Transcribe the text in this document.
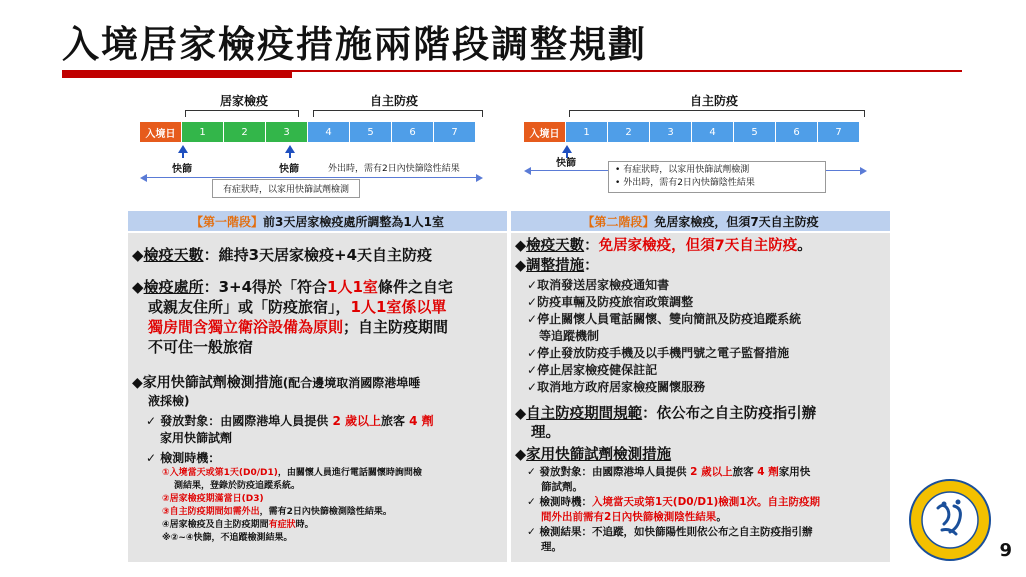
入境居家檢疫措施兩階段調整規劃
居家檢疫	自主防疫
入境日	1	2	3	4	5	6	7
快篩	快篩	外出時，需有2日內快篩陰性結果
有症狀時，以家用快篩試劑檢測
自主防疫
入境日	1	2	3	4	5	6	7
快篩
• 有症狀時，以家用快篩試劑檢測
• 外出時，需有2日內快篩陰性結果
【第一階段】 前3天居家檢疫處所調整為1人1室
◆檢疫天數：維持3天居家檢疫+4天自主防疫
◆檢疫處所：3+4得於「符合1人1室條件之自宅
或親友住所」或「防疫旅宿」，1人1室係以單
獨房間含獨立衛浴設備為原則；自主防疫期間
不可住一般旅宿
◆家用快篩試劑檢測措施(配合邊境取消國際港埠唾
液採檢)
✓ 發放對象：由國際港埠人員提供 2 歲以上旅客 4 劑
家用快篩試劑
✓ 檢測時機：
①入境當天或第1天(D0/D1)，由關懷人員進行電話關懷時詢問檢
測結果，登錄於防疫追蹤系統。
②居家檢疫期滿當日(D3)
③自主防疫期間如需外出，需有2日內快篩檢測陰性結果。
④居家檢疫及自主防疫期間有症狀時。
※②~④快篩，不追蹤檢測結果。
【第二階段】 免居家檢疫，但須7天自主防疫
◆檢疫天數：免居家檢疫，但須7天自主防疫。
◆調整措施：
✓取消發送居家檢疫通知書
✓防疫車輛及防疫旅宿政策調整
✓停止關懷人員電話關懷、雙向簡訊及防疫追蹤系統
等追蹤機制
✓停止發放防疫手機及以手機門號之電子監督措施
✓停止居家檢疫健保註記
✓取消地方政府居家檢疫關懷服務
◆自主防疫期間規範：依公布之自主防疫指引辦
理。
◆家用快篩試劑檢測措施
✓ 發放對象：由國際港埠人員提供 2 歲以上旅客 4 劑家用快
篩試劑。
✓ 檢測時機：入境當天或第1天(D0/D1)檢測1次。自主防疫期
間外出前需有2日內快篩檢測陰性結果。
✓ 檢測結果：不追蹤，如快篩陽性則依公布之自主防疫指引辦
理。	9
